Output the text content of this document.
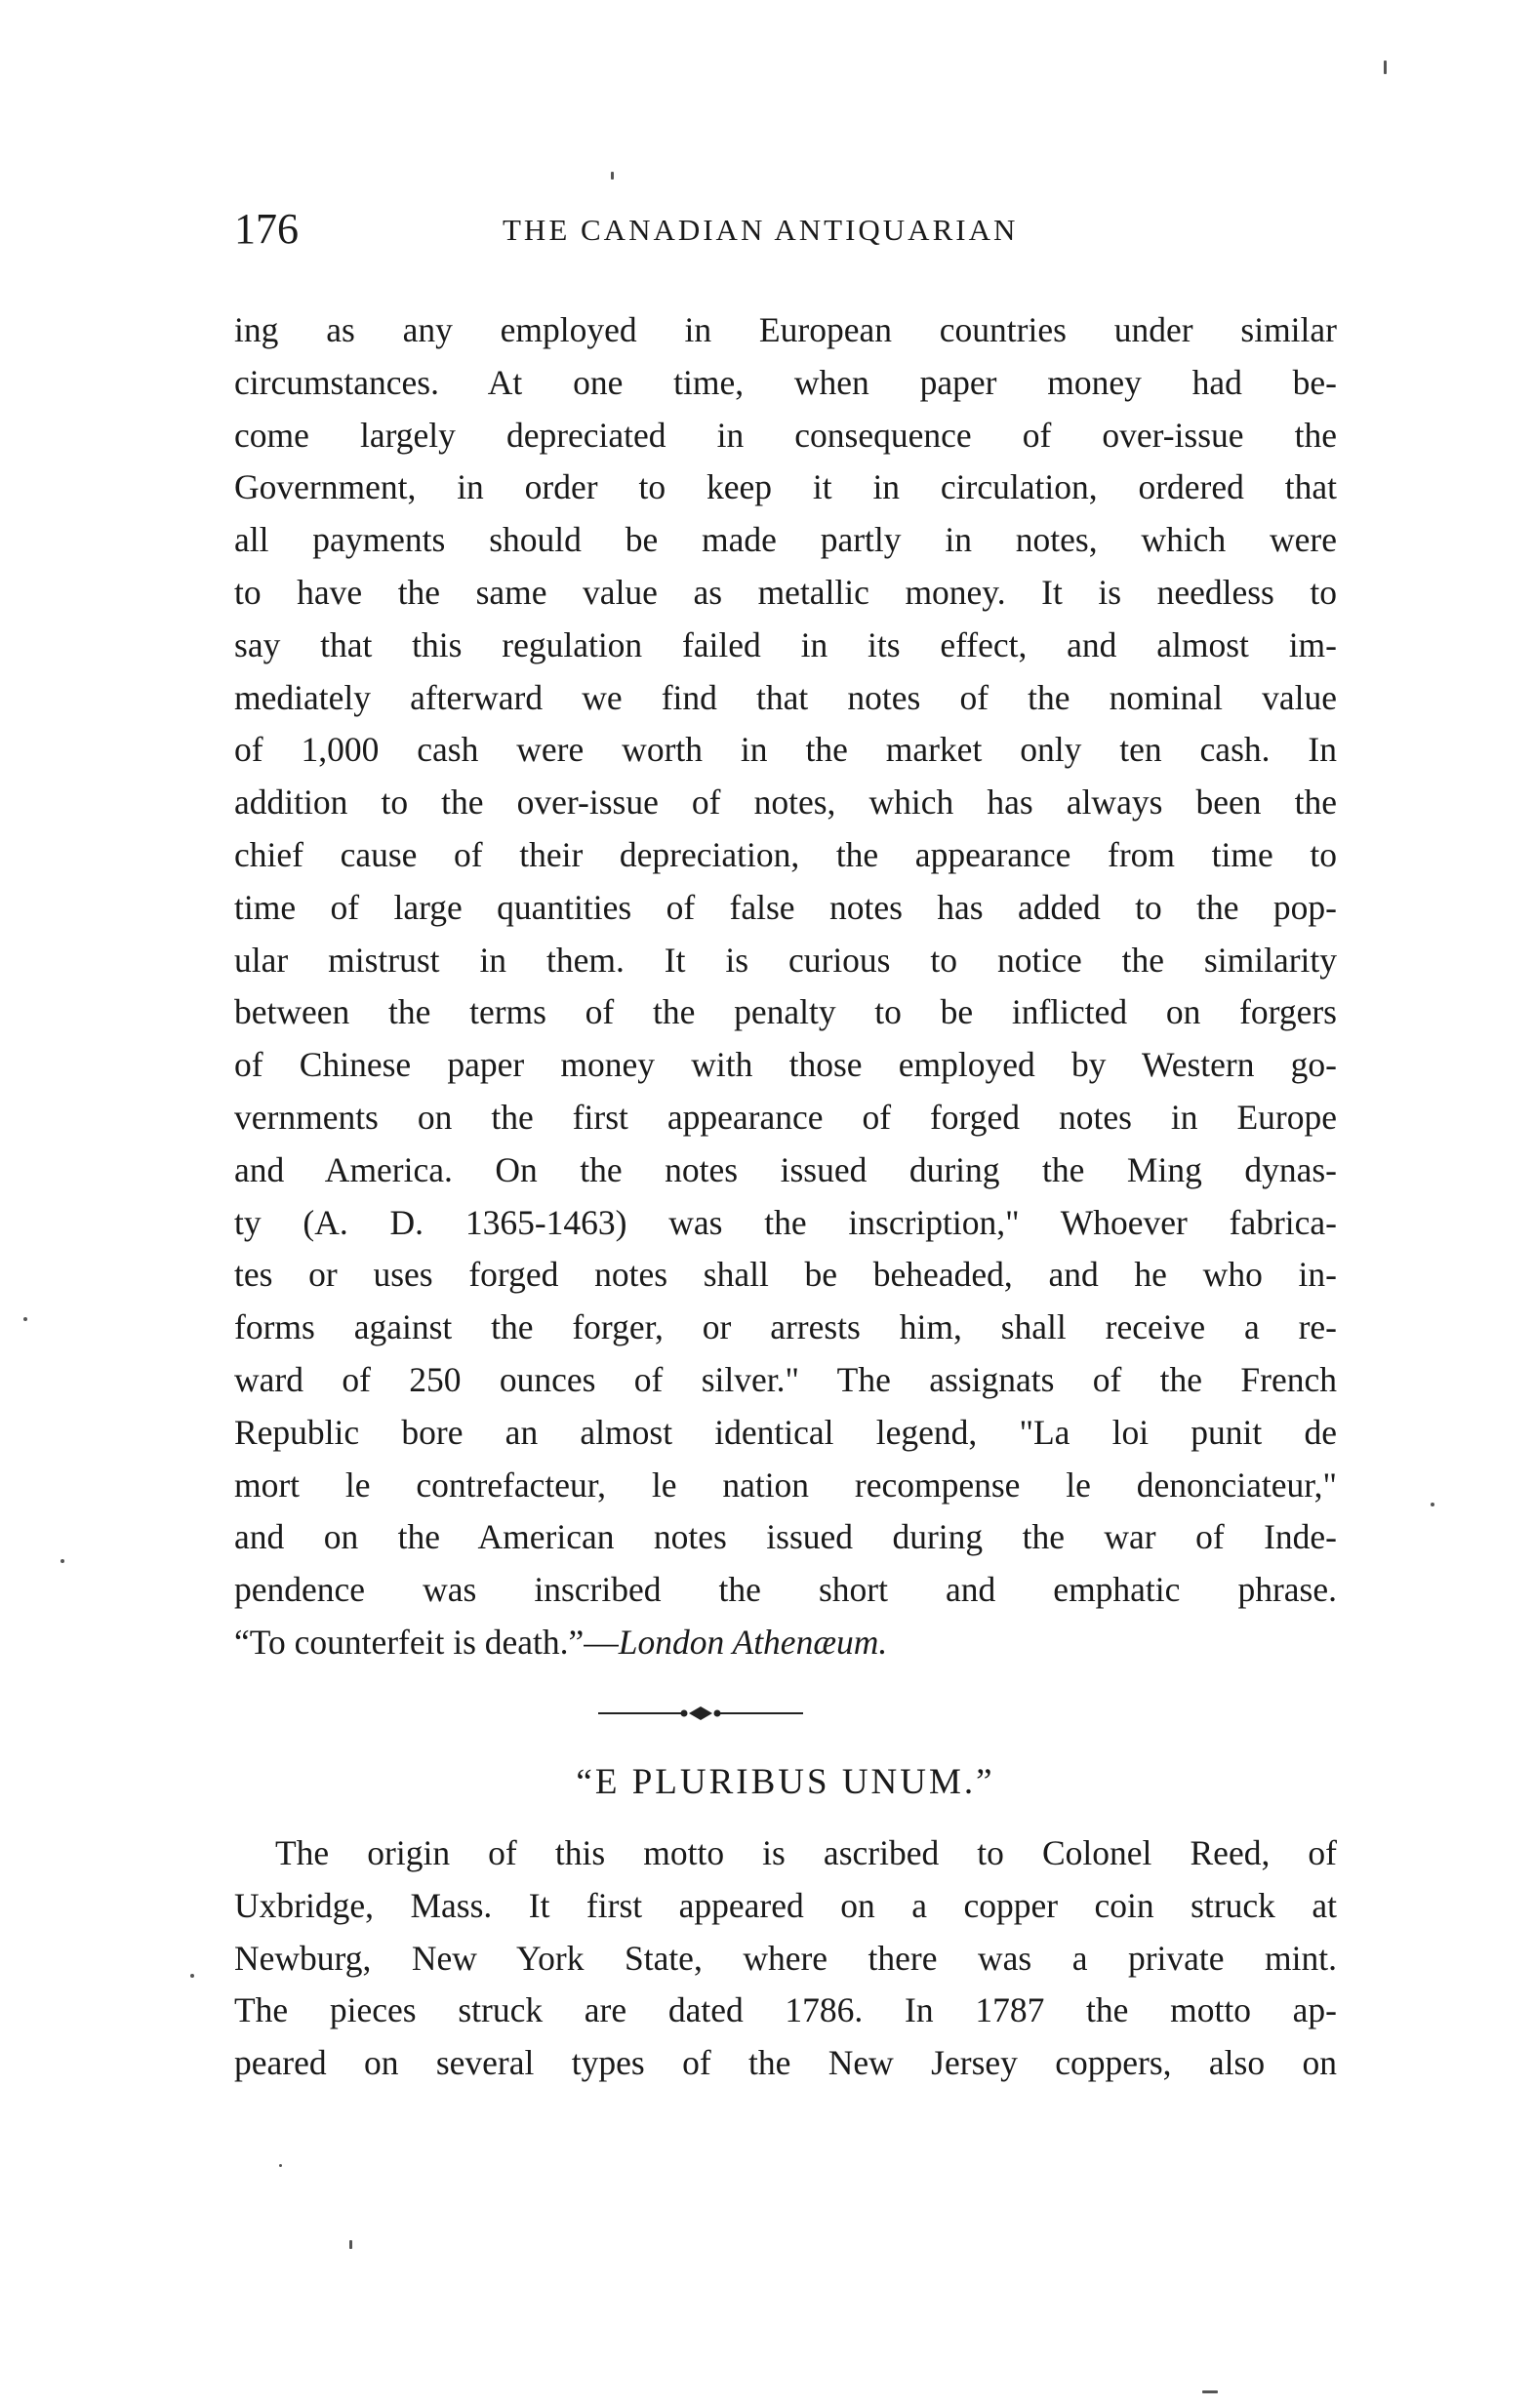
176	THE CANADIAN ANTIQUARIAN
ing as any employed in European countries under similar
circumstances. At one time, when paper money had be-
come largely depreciated in consequence of over-issue the
Government, in order to keep it in circulation, ordered that
all payments should be made partly in notes, which were
to have the same value as metallic money. It is needless to
say that this regulation failed in its effect, and almost im-
mediately afterward we find that notes of the nominal value
of 1,000 cash were worth in the market only ten cash. In
addition to the over-issue of notes, which has always been the
chief cause of their depreciation, the appearance from time to
time of large quantities of false notes has added to the pop-
ular mistrust in them. It is curious to notice the similarity
between the terms of the penalty to be inflicted on forgers
of Chinese paper money with those employed by Western go-
vernments on the first appearance of forged notes in Europe
and America. On the notes issued during the Ming dynas-
ty (A. D. 1365-1463) was the inscription," Whoever fabrica-
tes or uses forged notes shall be beheaded, and he who in-
forms against the forger, or arrests him, shall receive a re-
ward of 250 ounces of silver." The assignats of the French
Republic bore an almost identical legend, "La loi punit de
mort le contrefacteur, le nation recompense le denonciateur,"
and on the American notes issued during the war of Inde-
pendence was inscribed the short and emphatic phrase.
“To counterfeit is death.”—London Athenæum.
“E PLURIBUS UNUM.”
The origin of this motto is ascribed to Colonel Reed, of
Uxbridge, Mass. It first appeared on a copper coin struck at
Newburg, New York State, where there was a private mint.
The pieces struck are dated 1786. In 1787 the motto ap-
peared on several types of the New Jersey coppers, also on
